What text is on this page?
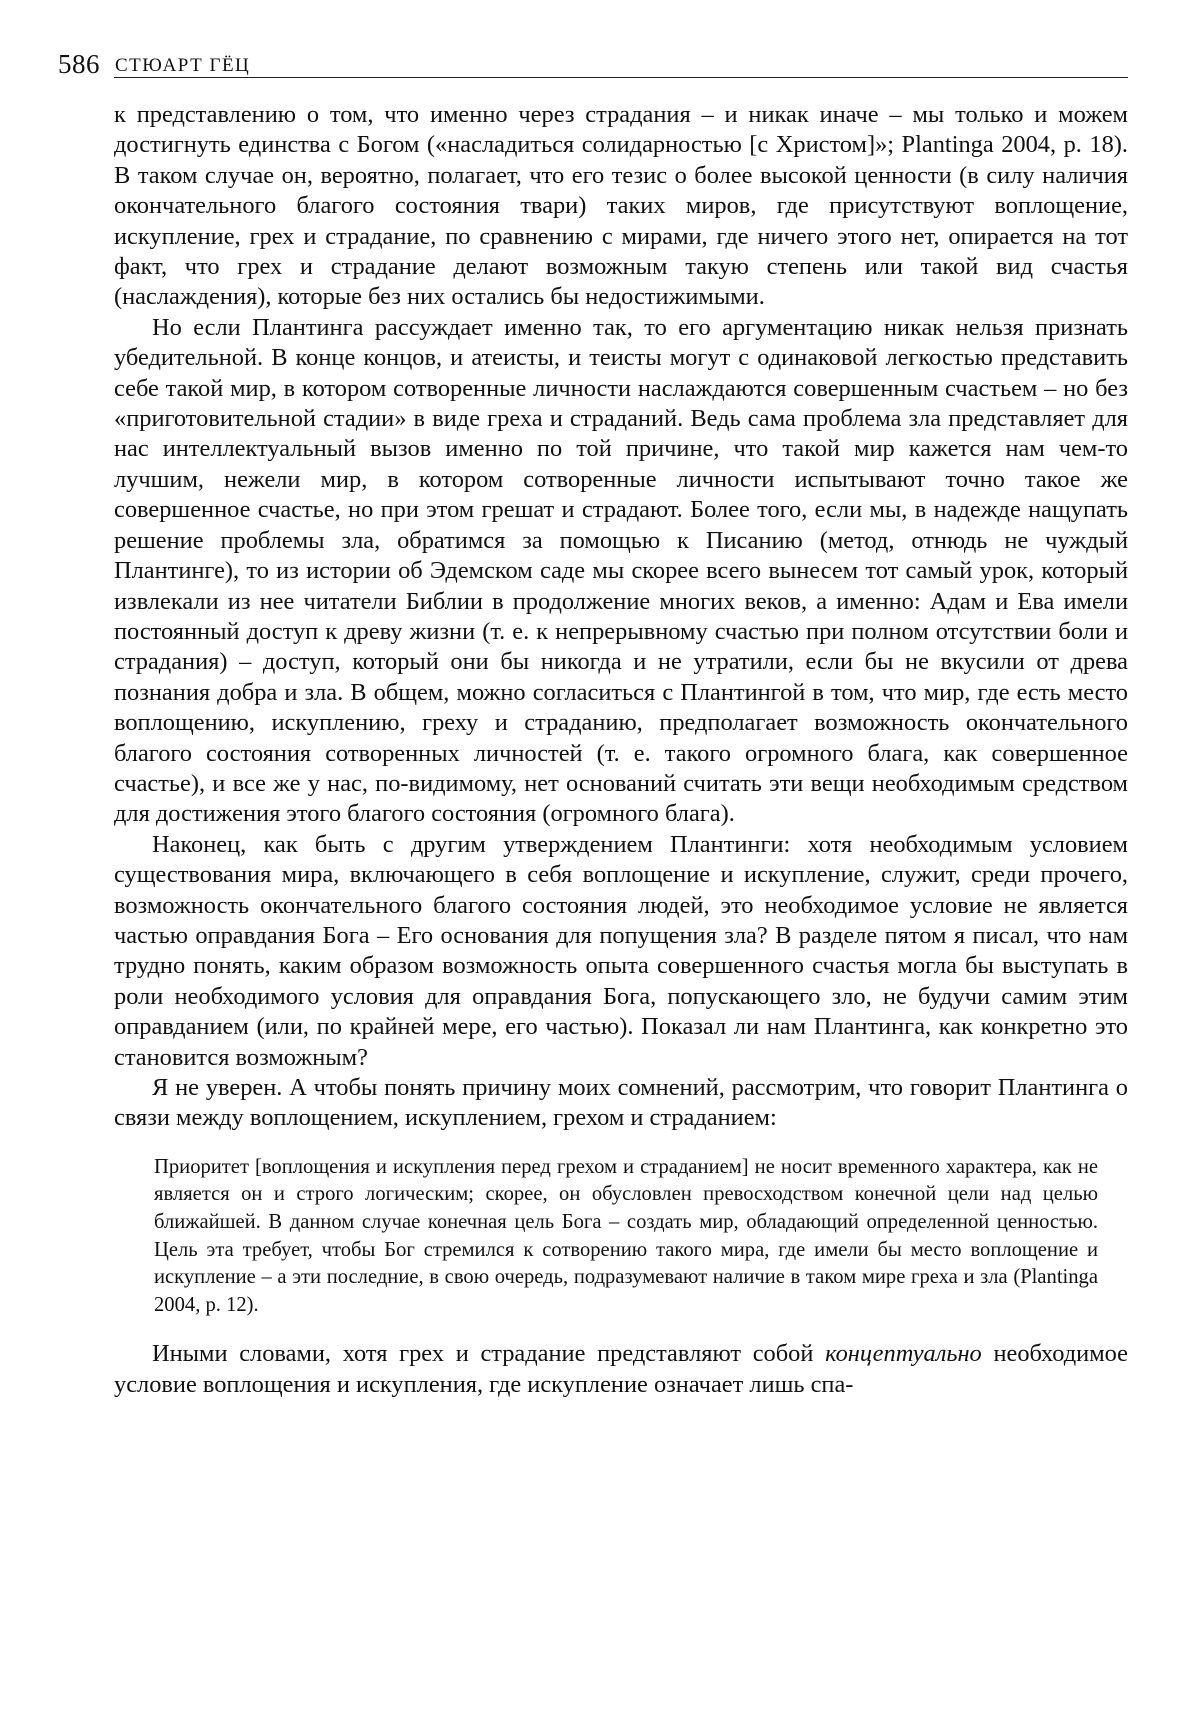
586 СТЮАРТ ГЁЦ

к представлению о том, что именно через страдания – и никак иначе – мы только и можем достигнуть единства с Богом («насладиться солидарностью [с Христом]»; Plantinga 2004, p. 18). В таком случае он, вероятно, полагает, что его тезис о более высокой ценности (в силу наличия окончательного благого состояния твари) таких миров, где присутствуют воплощение, искупление, грех и страдание, по сравнению с мирами, где ничего этого нет, опирается на тот факт, что грех и страдание делают возможным такую степень или такой вид счастья (наслаждения), которые без них остались бы недостижимыми.

Но если Плантинга рассуждает именно так, то его аргументацию никак нельзя признать убедительной. В конце концов, и атеисты, и теисты могут с одинаковой легкостью представить себе такой мир, в котором сотворенные личности наслаждаются совершенным счастьем – но без «приготовительной стадии» в виде греха и страданий. Ведь сама проблема зла представляет для нас интеллектуальный вызов именно по той причине, что такой мир кажется нам чем-то лучшим, нежели мир, в котором сотворенные личности испытывают точно такое же совершенное счастье, но при этом грешат и страдают. Более того, если мы, в надежде нащупать решение проблемы зла, обратимся за помощью к Писанию (метод, отнюдь не чуждый Плантинге), то из истории об Эдемском саде мы скорее всего вынесем тот самый урок, который извлекали из нее читатели Библии в продолжение многих веков, а именно: Адам и Ева имели постоянный доступ к древу жизни (т. е. к непрерывному счастью при полном отсутствии боли и страдания) – доступ, который они бы никогда и не утратили, если бы не вкусили от древа познания добра и зла. В общем, можно согласиться с Плантингой в том, что мир, где есть место воплощению, искуплению, греху и страданию, предполагает возможность окончательного благого состояния сотворенных личностей (т. е. такого огромного блага, как совершенное счастье), и все же у нас, по-видимому, нет оснований считать эти вещи необходимым средством для достижения этого благого состояния (огромного блага).

Наконец, как быть с другим утверждением Плантинги: хотя необходимым условием существования мира, включающего в себя воплощение и искупление, служит, среди прочего, возможность окончательного благого состояния людей, это необходимое условие не является частью оправдания Бога – Его основания для попущения зла? В разделе пятом я писал, что нам трудно понять, каким образом возможность опыта совершенного счастья могла бы выступать в роли необходимого условия для оправдания Бога, попускающего зло, не будучи самим этим оправданием (или, по крайней мере, его частью). Показал ли нам Плантинга, как конкретно это становится возможным?

Я не уверен. А чтобы понять причину моих сомнений, рассмотрим, что говорит Плантинга о связи между воплощением, искуплением, грехом и страданием:

Приоритет [воплощения и искупления перед грехом и страданием] не носит временного характера, как не является он и строго логическим; скорее, он обусловлен превосходством конечной цели над целью ближайшей. В данном случае конечная цель Бога – создать мир, обладающий определенной ценностью. Цель эта требует, чтобы Бог стремился к сотворению такого мира, где имели бы место воплощение и искупление – а эти последние, в свою очередь, подразумевают наличие в таком мире греха и зла (Plantinga 2004, p. 12).

Иными словами, хотя грех и страдание представляют собой концептуально необходимое условие воплощения и искупления, где искупление означает лишь спа-
